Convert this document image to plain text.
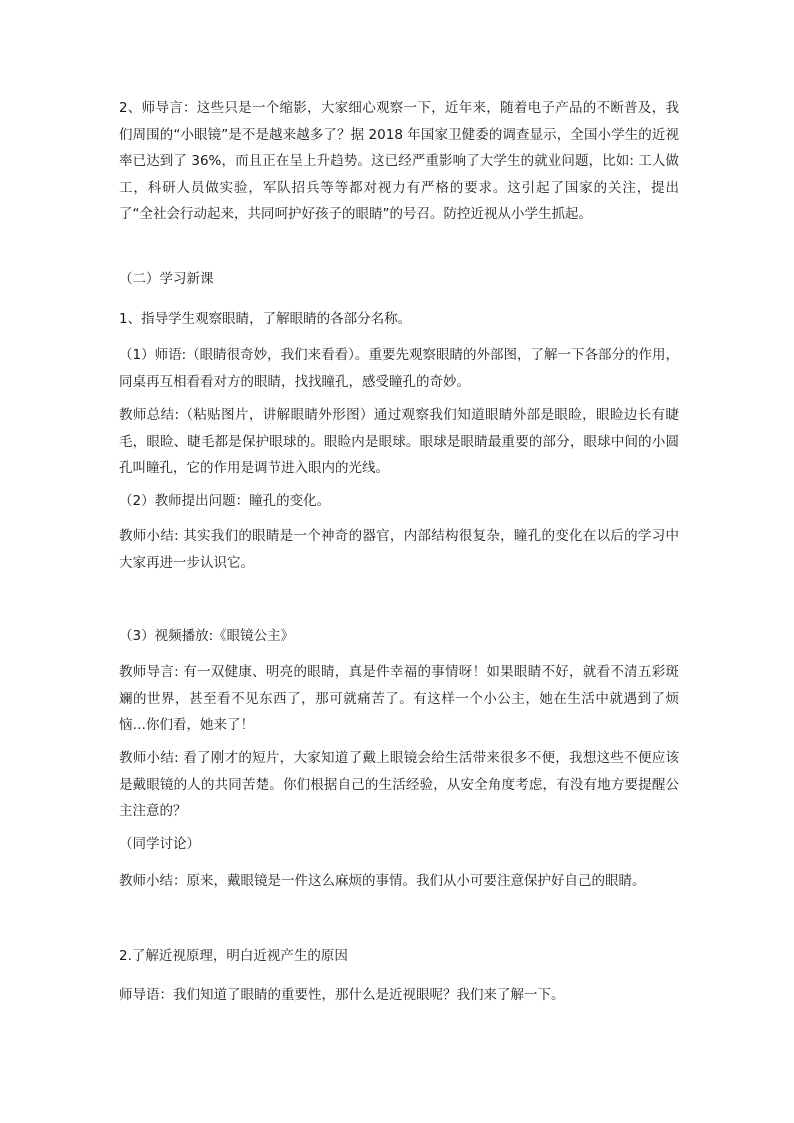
2、师导言：这些只是一个缩影，大家细心观察一下，近年来，随着电子产品的不断普及，我们周围的“小眼镜”是不是越来越多了？据 2018 年国家卫健委的调查显示，全国小学生的近视率已达到了 36%，而且正在呈上升趋势。这已经严重影响了大学生的就业问题，比如: 工人做工，科研人员做实验，军队招兵等等都对视力有严格的要求。这引起了国家的关注，提出了“全社会行动起来，共同呵护好孩子的眼睛”的号召。防控近视从小学生抓起。

（二）学习新课

1、指导学生观察眼睛，了解眼睛的各部分名称。

（1）师语:（眼睛很奇妙，我们来看看）。重要先观察眼睛的外部图，了解一下各部分的作用，同桌再互相看看对方的眼睛，找找瞳孔，感受瞳孔的奇妙。

教师总结:（粘贴图片，讲解眼睛外形图）通过观察我们知道眼睛外部是眼睑，眼睑边长有睫毛，眼睑、睫毛都是保护眼球的。眼睑内是眼球。眼球是眼睛最重要的部分，眼球中间的小圆孔叫瞳孔，它的作用是调节进入眼内的光线。

（2）教师提出问题：瞳孔的变化。

教师小结: 其实我们的眼睛是一个神奇的器官，内部结构很复杂，瞳孔的变化在以后的学习中大家再进一步认识它。

（3）视频播放:《眼镜公主》

教师导言: 有一双健康、明亮的眼睛，真是件幸福的事情呀！如果眼睛不好，就看不清五彩斑斓的世界，甚至看不见东西了，那可就痛苦了。有这样一个小公主，她在生活中就遇到了烦恼…你们看，她来了！

教师小结: 看了刚才的短片，大家知道了戴上眼镜会给生活带来很多不便，我想这些不便应该是戴眼镜的人的共同苦楚。你们根据自己的生活经验，从安全角度考虑，有没有地方要提醒公主注意的？

（同学讨论）

教师小结：原来，戴眼镜是一件这么麻烦的事情。我们从小可要注意保护好自己的眼睛。

2.了解近视原理，明白近视产生的原因

师导语：我们知道了眼睛的重要性，那什么是近视眼呢？我们来了解一下。
